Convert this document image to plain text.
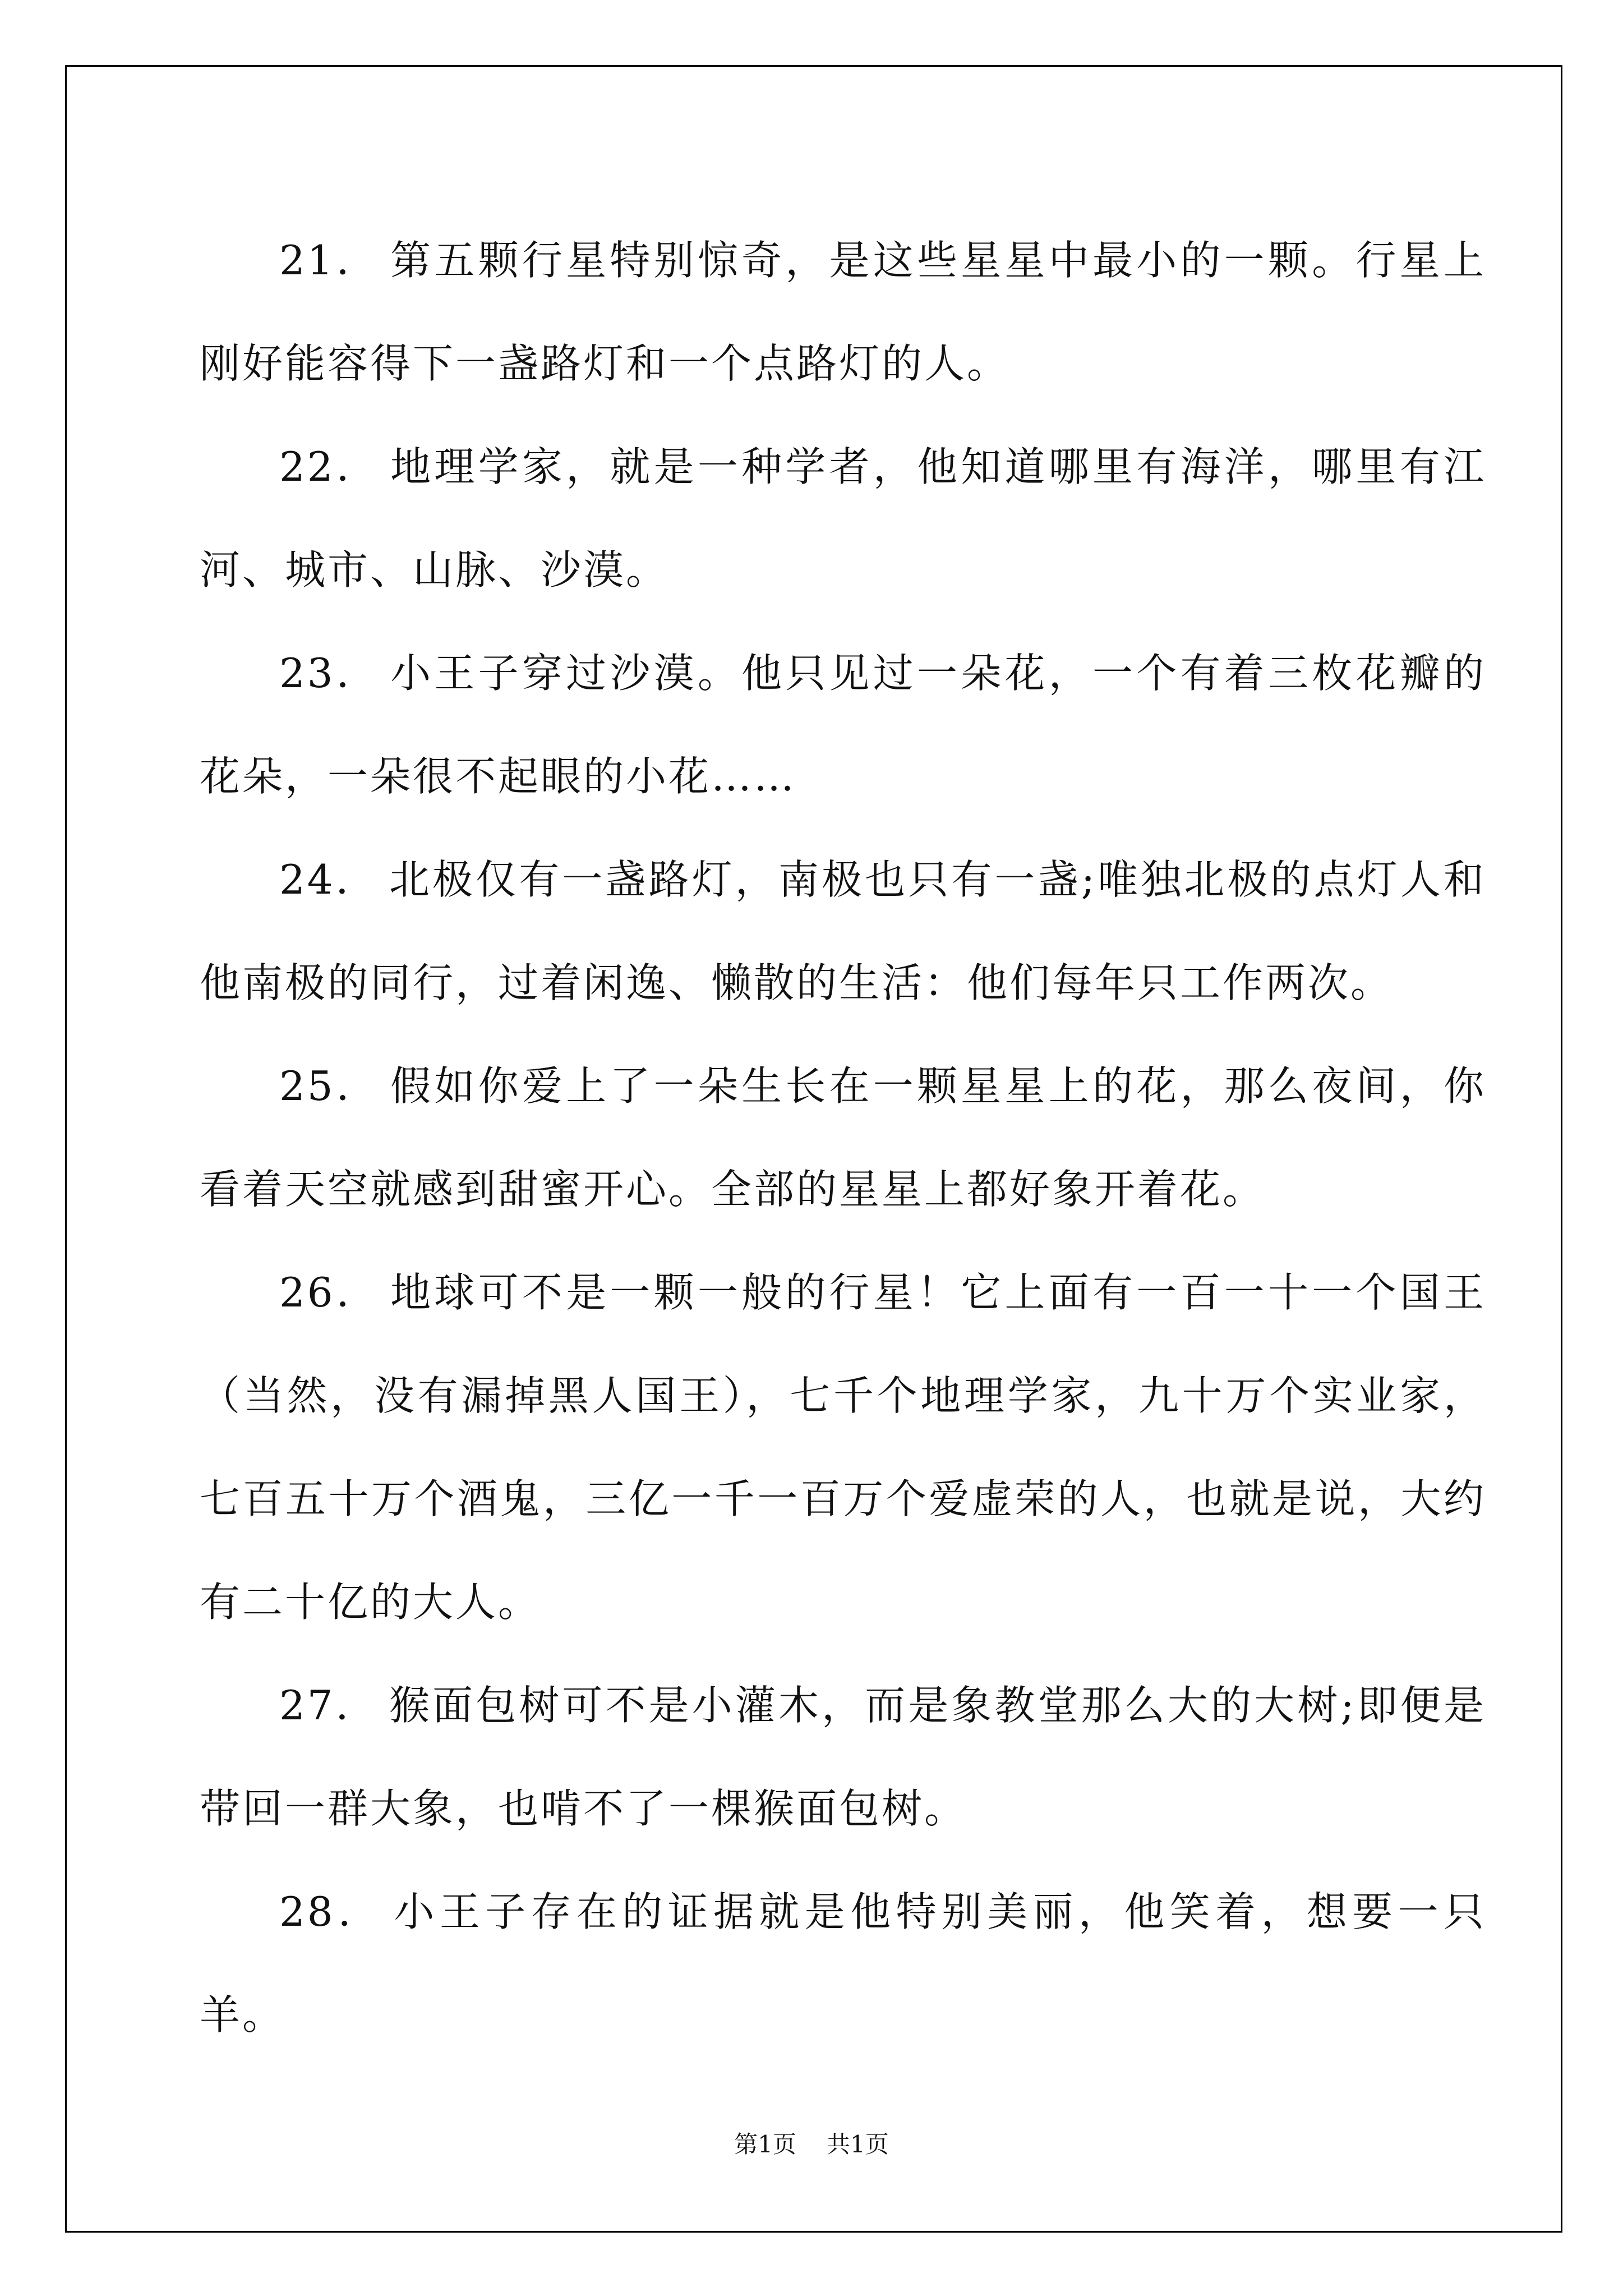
21． 第五颗行星特别惊奇，是这些星星中最小的一颗。行星上刚好能容得下一盏路灯和一个点路灯的人。

22． 地理学家，就是一种学者，他知道哪里有海洋，哪里有江河、城市、山脉、沙漠。

23． 小王子穿过沙漠。他只见过一朵花，一个有着三枚花瓣的花朵，一朵很不起眼的小花……

24． 北极仅有一盏路灯，南极也只有一盏;唯独北极的点灯人和他南极的同行，过着闲逸、懒散的生活：他们每年只工作两次。

25． 假如你爱上了一朵生长在一颗星星上的花，那么夜间，你看着天空就感到甜蜜开心。全部的星星上都好象开着花。

26． 地球可不是一颗一般的行星！它上面有一百一十一个国王（当然，没有漏掉黑人国王），七千个地理学家，九十万个实业家，七百五十万个酒鬼，三亿一千一百万个爱虚荣的人，也就是说，大约有二十亿的大人。

27． 猴面包树可不是小灌木，而是象教堂那么大的大树;即便是带回一群大象，也啃不了一棵猴面包树。

28． 小王子存在的证据就是他特别美丽，他笑着，想要一只羊。

第1页 共1页
